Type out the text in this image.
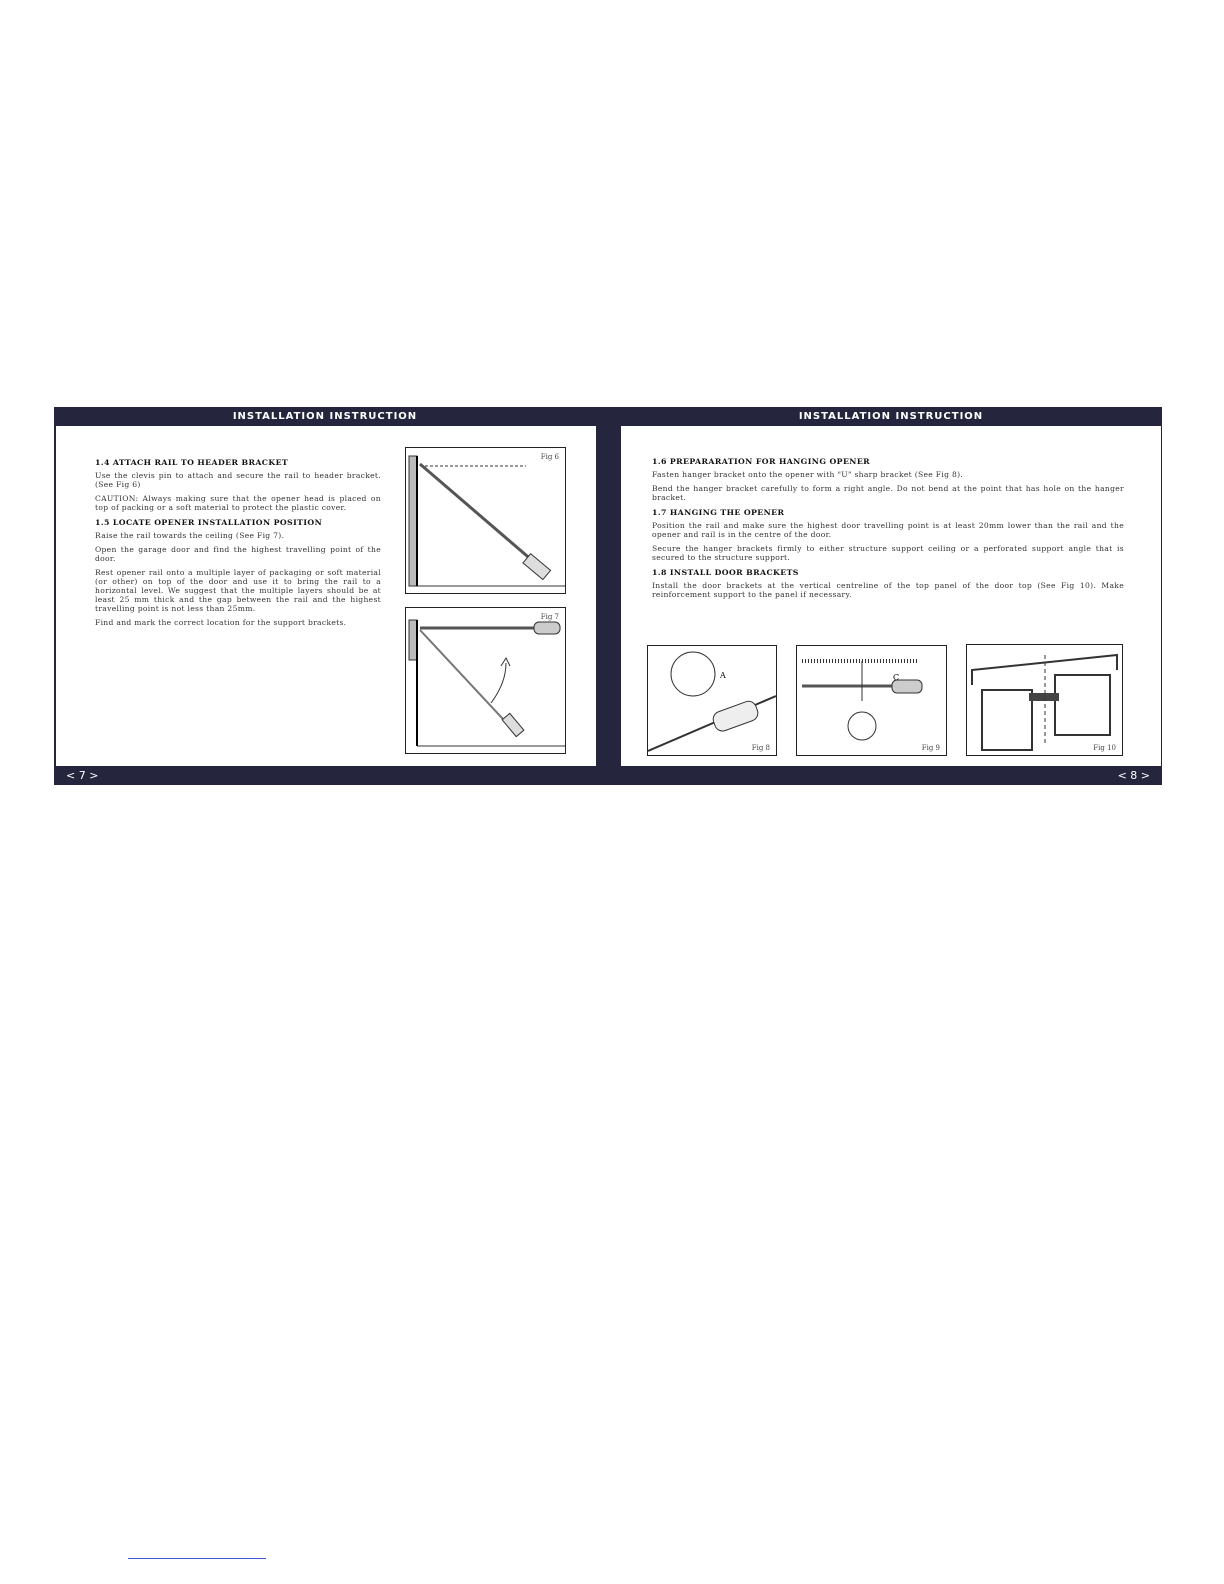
INSTALLATION INSTRUCTION	INSTALLATION INSTRUCTION
1.4 ATTACH RAIL TO HEADER BRACKET

Use the clevis pin to attach and secure the rail to header bracket. (See Fig 6)

CAUTION: Always making sure that the opener head is placed on top of packing or a soft material to protect the plastic cover.

1.5 LOCATE OPENER INSTALLATION POSITION

Raise the rail towards the ceiling (See Fig 7).

Open the garage door and find the highest travelling point of the door.

Rest opener rail onto a multiple layer of packaging or soft material (or other) on top of the door and use it to bring the rail to a horizontal level. We suggest that the multiple layers should be at least 25 mm thick and the gap between the rail and the highest travelling point is not less than 25mm.

Find and mark the correct location for the support brackets.

Fig 6
Fig 7
1.6 PREPARARATION FOR HANGING OPENER

Fasten hanger bracket onto the opener with "U" sharp bracket (See Fig 8).

Bend the hanger bracket carefully to form a right angle. Do not bend at the point that has hole on the hanger bracket.

1.7 HANGING THE OPENER

Position the rail and make sure the highest door travelling point is at least 20mm lower than the rail and the opener and rail is in the centre of the door.

Secure the hanger brackets firmly to either structure support ceiling or a perforated support angle that is secured to the structure support.

1.8 INSTALL DOOR BRACKETS

Install the door brackets at the vertical centreline of the top panel of the door top (See Fig 10). Make reinforcement support to the panel if necessary.

A
Fig 8
C
Fig 9	Fig 10
< 7 >	< 8 >
